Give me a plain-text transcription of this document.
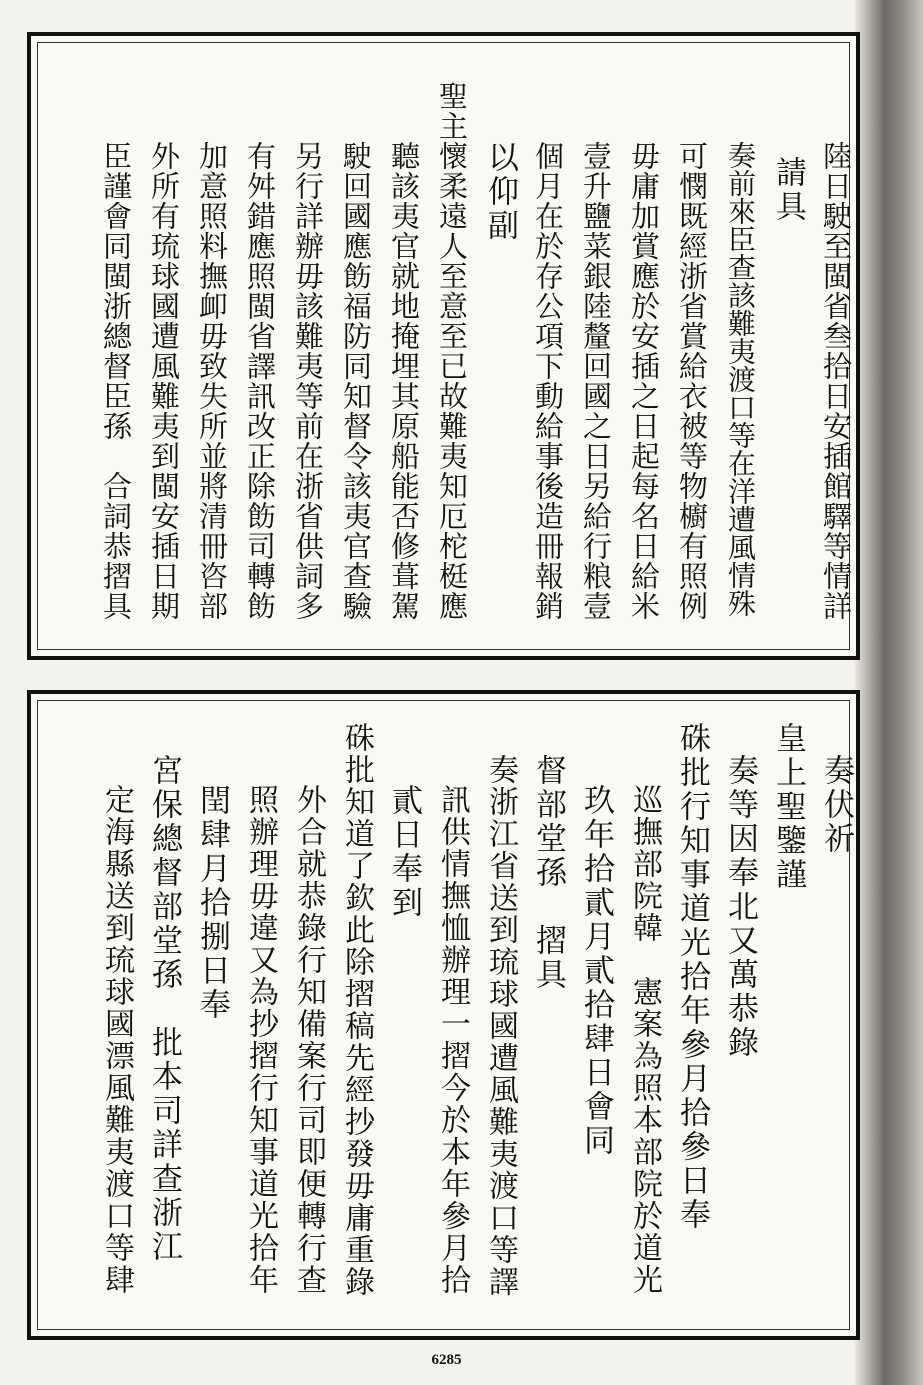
陸日駛至閩省叁拾日安插館驛等情詳
請具
奏前來臣查該難夷渡口等在洋遭風情殊
可憫既經浙省賞給衣被等物櫥有照例
毋庸加賞應於安插之日起每名日給米
壹升鹽菜銀陸釐回國之日另給行粮壹
個月在於存公項下動給事後造冊報銷
以仰副
聖主懷柔遠人至意至已故難夷知厄柁梃應
聽該夷官就地掩埋其原船能否修葺駕
駛回國應飭福防同知督令該夷官查驗
另行詳辦毋該難夷等前在浙省供詞多
有舛錯應照閩省譯訊改正除飭司轉飭
加意照料撫卹毋致失所並將清冊咨部
外所有琉球國遭風難夷到閩安插日期
臣謹會同閩浙總督臣孫　合詞恭摺具
奏伏祈
皇上聖鑒謹
奏等因奉北又萬恭錄
硃批行知事道光拾年參月拾參日奉
巡撫部院韓　憲案為照本部院於道光
玖年拾貳月貳拾肆日會同
督部堂孫　摺具
奏浙江省送到琉球國遭風難夷渡口等譯
訊供情撫恤辦理一摺今於本年參月拾
貳日奉到
硃批知道了欽此除摺稿先經抄發毋庸重錄
外合就恭錄行知備案行司即便轉行查
照辦理毋違又為抄摺行知事道光拾年
閏肆月拾捌日奉
宮保總督部堂孫　批本司詳查浙江
定海縣送到琉球國漂風難夷渡口等肆
6285
